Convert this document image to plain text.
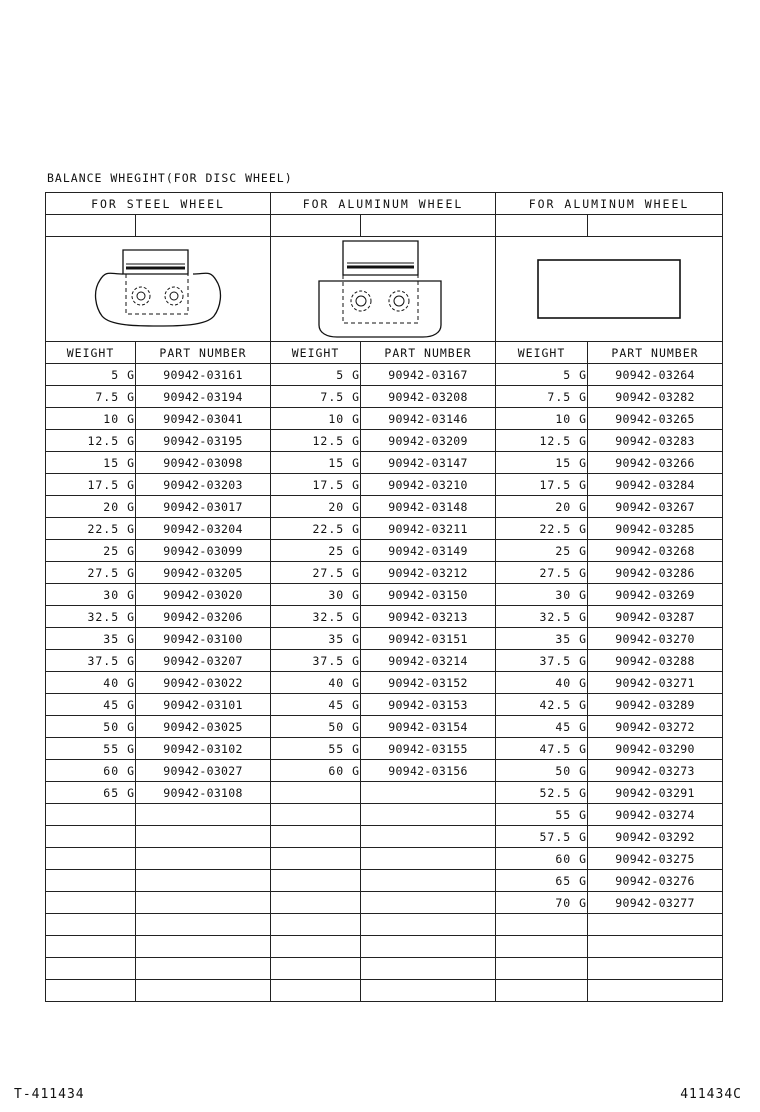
BALANCE WHEGIHT(FOR DISC WHEEL)
FOR STEEL WHEEL		FOR ALUMINUM WHEEL		FOR ALUMINUM WHEEL	

WEIGHT	PART NUMBER	WEIGHT	PART NUMBER	WEIGHT	PART NUMBER
5 G	90942-03161	5 G	90942-03167	5 G	90942-03264
7.5 G	90942-03194	7.5 G	90942-03208	7.5 G	90942-03282
10 G	90942-03041	10 G	90942-03146	10 G	90942-03265
12.5 G	90942-03195	12.5 G	90942-03209	12.5 G	90942-03283
15 G	90942-03098	15 G	90942-03147	15 G	90942-03266
17.5 G	90942-03203	17.5 G	90942-03210	17.5 G	90942-03284
20 G	90942-03017	20 G	90942-03148	20 G	90942-03267
22.5 G	90942-03204	22.5 G	90942-03211	22.5 G	90942-03285
25 G	90942-03099	25 G	90942-03149	25 G	90942-03268
27.5 G	90942-03205	27.5 G	90942-03212	27.5 G	90942-03286
30 G	90942-03020	30 G	90942-03150	30 G	90942-03269
32.5 G	90942-03206	32.5 G	90942-03213	32.5 G	90942-03287
35 G	90942-03100	35 G	90942-03151	35 G	90942-03270
37.5 G	90942-03207	37.5 G	90942-03214	37.5 G	90942-03288
40 G	90942-03022	40 G	90942-03152	40 G	90942-03271
45 G	90942-03101	45 G	90942-03153	42.5 G	90942-03289
50 G	90942-03025	50 G	90942-03154	45 G	90942-03272
55 G	90942-03102	55 G	90942-03155	47.5 G	90942-03290
60 G	90942-03027	60 G	90942-03156	50 G	90942-03273
65 G	90942-03108			52.5 G	90942-03291
				55 G	90942-03274
				57.5 G	90942-03292
				60 G	90942-03275
				65 G	90942-03276
				70 G	90942-03277

T-411434	411434C
